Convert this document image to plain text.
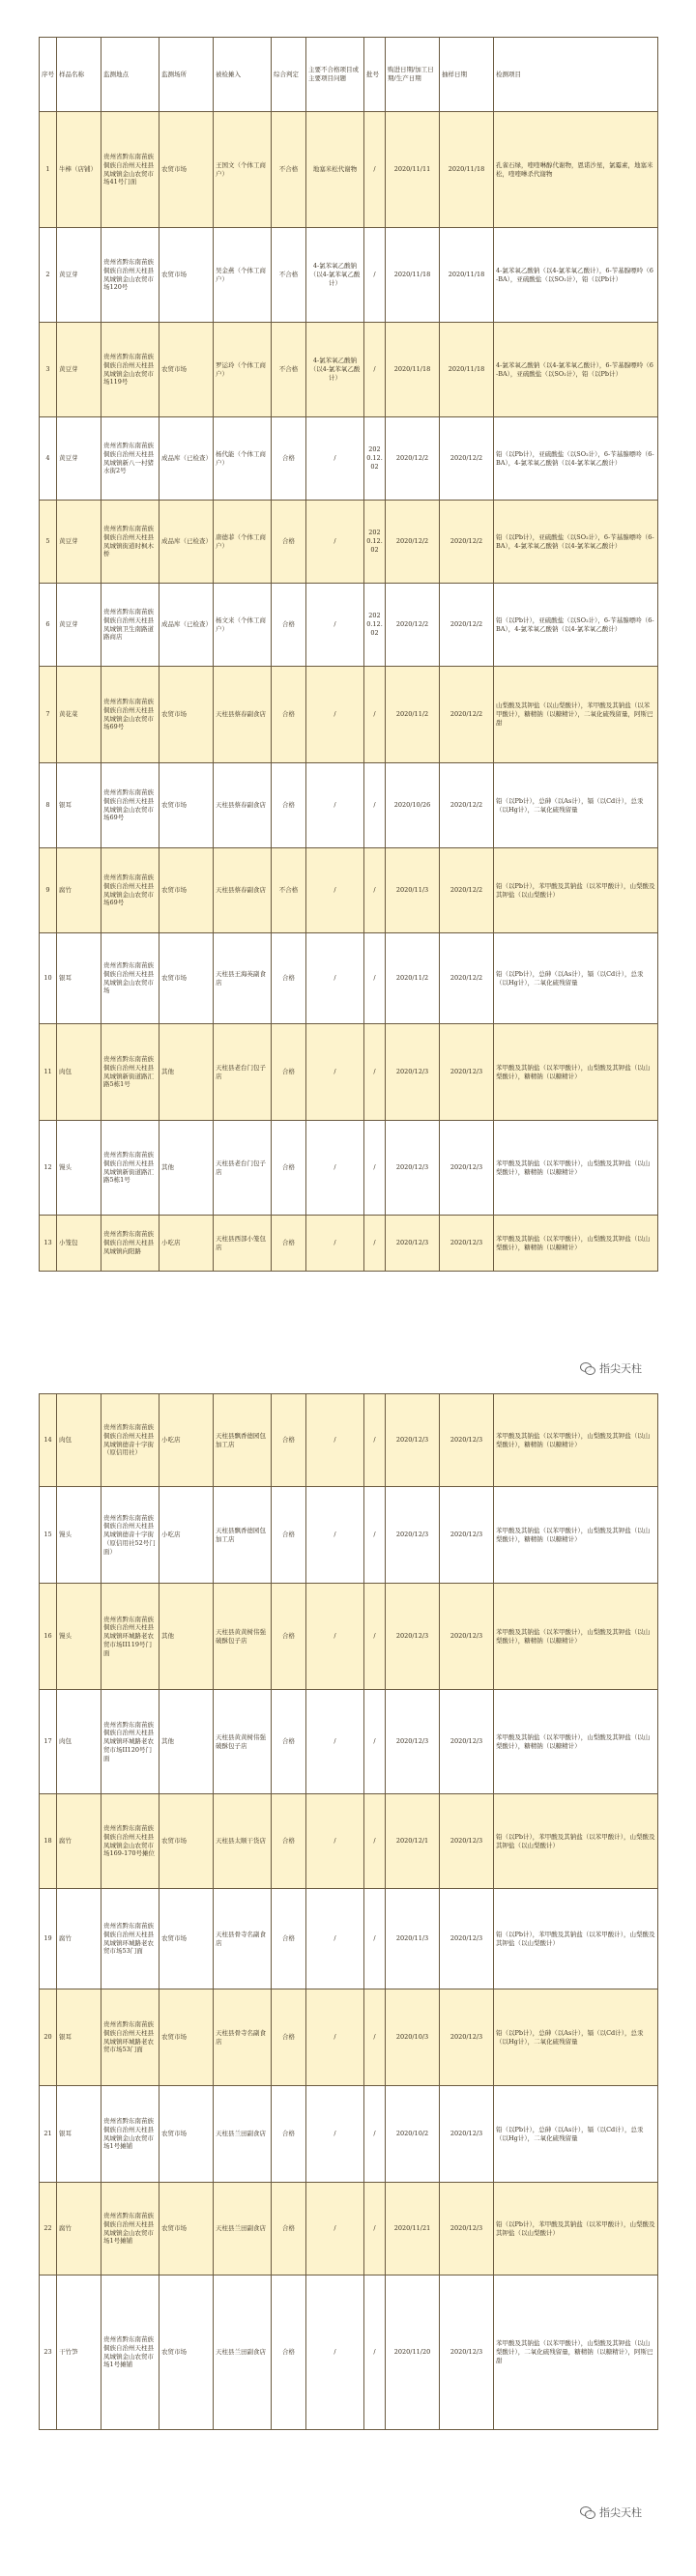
序号	样品名称	监测地点	监测场所	被检摊入	综合判定	主要不合格项目或主要项目问题	批号	购进日期/加工日期/生产日期	抽样日期	检测项目
1	牛棒（店铺）	贵州省黔东南苗族侗族自治州天柱县凤城镇金山农贸市场41号门面	农贸市场	王国文（个体工商户）	不合格	地塞米松代谢物	/	2020/11/11	2020/11/18	孔雀石绿，喹喹啉醇代谢物，恩诺沙星，氯霉素，地塞米松，喹喹啉杀代谢物
2	黄豆芽	贵州省黔东南苗族侗族自治州天柱县凤城镇金山农贸市场120号	农贸市场	吴金燕（个体工商户）	不合格	4-氯苯氧乙酸钠（以4-氯苯氧乙酸计）	/	2020/11/18	2020/11/18	4-氯苯氧乙酸钠（以4-氯苯氧乙酸计），6-苄基腺嘌呤（6-BA），亚硫酸盐（以SO₂计），铅（以Pb计）
3	黄豆芽	贵州省黔东南苗族侗族自治州天柱县凤城镇金山农贸市场119号	农贸市场	罗运玲（个体工商户）	不合格	4-氯苯氧乙酸钠（以4-氯苯氧乙酸计）	/	2020/11/18	2020/11/18	4-氯苯氧乙酸钠（以4-氯苯氧乙酸计），6-苄基腺嘌呤（6-BA），亚硫酸盐（以SO₂计），铅（以Pb计）
4	黄豆芽	贵州省黔东南苗族侗族自治州天柱县凤城镇新八一村猪水街2号	成品库（已检查）	杨代能（个体工商户）	合格	/	2020.12.02	2020/12/2	2020/12/2	铅（以Pb计），亚硫酸盐（以SO₂计），6-苄基腺嘌呤（6-BA），4-氯苯氧乙酸钠（以4-氯苯氧乙酸计）
5	黄豆芽	贵州省黔东南苗族侗族自治州天柱县凤城镇街道时枫木桥	成品库（已检查）	唐德菲（个体工商户）	合格	/	2020.12.02	2020/12/2	2020/12/2	铅（以Pb计），亚硫酸盐（以SO₂计），6-苄基腺嘌呤（6-BA），4-氯苯氧乙酸钠（以4-氯苯氧乙酸计）
6	黄豆芽	贵州省黔东南苗族侗族自治州天柱县凤城镇卫生南路道路商店	成品库（已检查）	杨文来（个体工商户）	合格	/	2020.12.02	2020/12/2	2020/12/2	铅（以Pb计），亚硫酸盐（以SO₂计），6-苄基腺嘌呤（6-BA），4-氯苯氧乙酸钠（以4-氯苯氧乙酸计）
7	黄花菜	贵州省黔东南苗族侗族自治州天柱县凤城镇金山农贸市场69号	农贸市场	天柱县蔡春副食店	合格	/	/	2020/11/2	2020/12/2	山梨酸及其钾盐（以山梨酸计），苯甲酸及其钠盐（以苯甲酸计），糖精钠（以糖精计），二氧化硫残留量，阿斯巴甜
8	银耳	贵州省黔东南苗族侗族自治州天柱县凤城镇金山农贸市场69号	农贸市场	天柱县蔡春副食店	合格	/	/	2020/10/26	2020/12/2	铅（以Pb计），总砷（以As计），镉（以Cd计），总汞（以Hg计），二氧化硫残留量
9	腐竹	贵州省黔东南苗族侗族自治州天柱县凤城镇金山农贸市场69号	农贸市场	天柱县蔡春副食店	不合格	/	/	2020/11/3	2020/12/2	铅（以Pb计），苯甲酸及其钠盐（以苯甲酸计），山梨酸及其钾盐（以山梨酸计）
10	银耳	贵州省黔东南苗族侗族自治州天柱县凤城镇金山农贸市场	农贸市场	天柱县王海英副食店	合格	/	/	2020/11/2	2020/12/2	铅（以Pb计），总砷（以As计），镉（以Cd计），总汞（以Hg计），二氧化硫残留量
11	肉包	贵州省黔东南苗族侗族自治州天柱县凤城镇新街道路汇路5栋1号	其他	天柱县老台门包子店	合格	/	/	2020/12/3	2020/12/3	苯甲酸及其钠盐（以苯甲酸计），山梨酸及其钾盐（以山梨酸计），糖精钠（以糖精计）
12	馒头	贵州省黔东南苗族侗族自治州天柱县凤城镇新街道路汇路5栋1号	其他	天柱县老台门包子店	合格	/	/	2020/12/3	2020/12/3	苯甲酸及其钠盐（以苯甲酸计），山梨酸及其钾盐（以山梨酸计），糖精钠（以糖精计）
13	小笼包	贵州省黔东南苗族侗族自治州天柱县凤城镇向阳路	小吃店	天柱县西部小笼包店	合格	/	/	2020/12/3	2020/12/3	苯甲酸及其钠盐（以苯甲酸计），山梨酸及其钾盐（以山梨酸计），糖精钠（以糖精计）
指尖天柱
14	肉包	贵州省黔东南苗族侗族自治州天柱县凤城镇德音十字街（原信用社）	小吃店	天柱县飘香德园包加工店	合格	/	/	2020/12/3	2020/12/3	苯甲酸及其钠盐（以苯甲酸计），山梨酸及其钾盐（以山梨酸计），糖精钠（以糖精计）
15	馒头	贵州省黔东南苗族侗族自治州天柱县凤城镇德音十字街（原信用社52号门面）	小吃店	天柱县飘香德园包加工店	合格	/	/	2020/12/3	2020/12/3	苯甲酸及其钠盐（以苯甲酸计），山梨酸及其钾盐（以山梨酸计），糖精钠（以糖精计）
16	馒头	贵州省黔东南苗族侗族自治州天柱县凤城镇环城路老农贸市场II119号门面	其他	天柱县黄黄树伟强破酥包子店	合格	/	/	2020/12/3	2020/12/3	苯甲酸及其钠盐（以苯甲酸计），山梨酸及其钾盐（以山梨酸计），糖精钠（以糖精计）
17	肉包	贵州省黔东南苗族侗族自治州天柱县凤城镇环城路老农贸市场II120号门面	其他	天柱县黄黄树伟强破酥包子店	合格	/	/	2020/12/3	2020/12/3	苯甲酸及其钠盐（以苯甲酸计），山梨酸及其钾盐（以山梨酸计），糖精钠（以糖精计）
18	腐竹	贵州省黔东南苗族侗族自治州天柱县凤城镇金山农贸市场169-170号摊位	农贸市场	天柱县太顺干货店	合格	/	/	2020/12/1	2020/12/3	铅（以Pb计），苯甲酸及其钠盐（以苯甲酸计），山梨酸及其钾盐（以山梨酸计）
19	腐竹	贵州省黔东南苗族侗族自治州天柱县凤城镇环城路老农贸市场53门面	农贸市场	天柱县骨寺名副食店	合格	/	/	2020/11/3	2020/12/3	铅（以Pb计），苯甲酸及其钠盐（以苯甲酸计），山梨酸及其钾盐（以山梨酸计）
20	银耳	贵州省黔东南苗族侗族自治州天柱县凤城镇环城路老农贸市场53门面	农贸市场	天柱县骨寺名副食店	合格	/	/	2020/10/3	2020/12/3	铅（以Pb计），总砷（以As计），镉（以Cd计），总汞（以Hg计），二氧化硫残留量
21	银耳	贵州省黔东南苗族侗族自治州天柱县凤城镇金山农贸市场1号摊铺	农贸市场	天柱县兰田副食店	合格	/	/	2020/10/2	2020/12/3	铅（以Pb计），总砷（以As计），镉（以Cd计），总汞（以Hg计），二氧化硫残留量
22	腐竹	贵州省黔东南苗族侗族自治州天柱县凤城镇金山农贸市场1号摊铺	农贸市场	天柱县兰田副食店	合格	/	/	2020/11/21	2020/12/3	铅（以Pb计），苯甲酸及其钠盐（以苯甲酸计），山梨酸及其钾盐（以山梨酸计）
23	干竹笋	贵州省黔东南苗族侗族自治州天柱县凤城镇金山农贸市场1号摊铺	农贸市场	天柱县兰田副食店	合格	/	/	2020/11/20	2020/12/3	苯甲酸及其钠盐（以苯甲酸计），山梨酸及其钾盐（以山梨酸计），二氧化硫残留量，糖精钠（以糖精计），阿斯巴甜
指尖天柱
